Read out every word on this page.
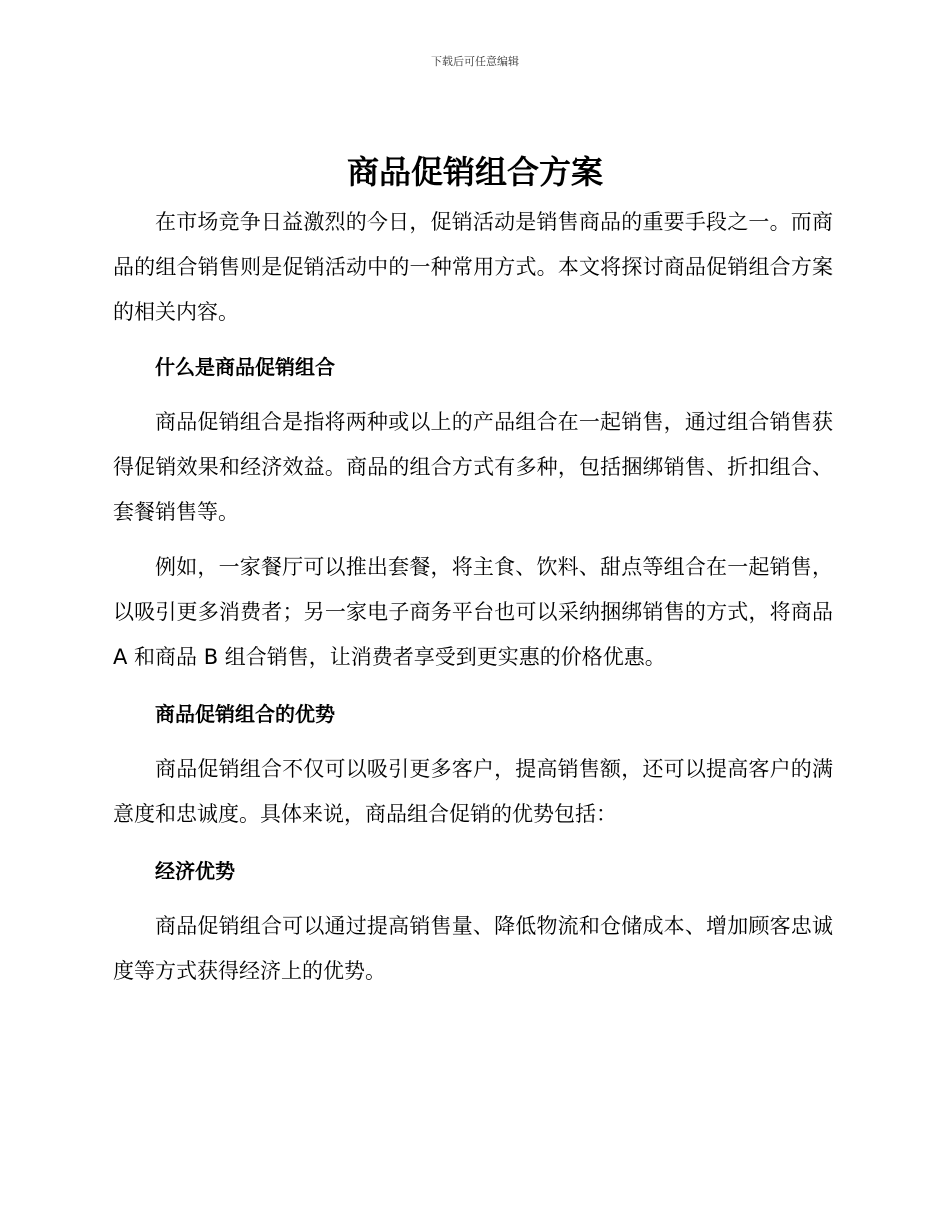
下载后可任意编辑
商品促销组合方案

在市场竞争日益激烈的今日，促销活动是销售商品的重要手段之一。而商品的组合销售则是促销活动中的一种常用方式。本文将探讨商品促销组合方案的相关内容。

什么是商品促销组合

商品促销组合是指将两种或以上的产品组合在一起销售，通过组合销售获得促销效果和经济效益。商品的组合方式有多种，包括捆绑销售、折扣组合、套餐销售等。

例如，一家餐厅可以推出套餐，将主食、饮料、甜点等组合在一起销售，以吸引更多消费者；另一家电子商务平台也可以采纳捆绑销售的方式，将商品 A 和商品 B 组合销售，让消费者享受到更实惠的价格优惠。

商品促销组合的优势

商品促销组合不仅可以吸引更多客户，提高销售额，还可以提高客户的满意度和忠诚度。具体来说，商品组合促销的优势包括：

经济优势

商品促销组合可以通过提高销售量、降低物流和仓储成本、增加顾客忠诚度等方式获得经济上的优势。
